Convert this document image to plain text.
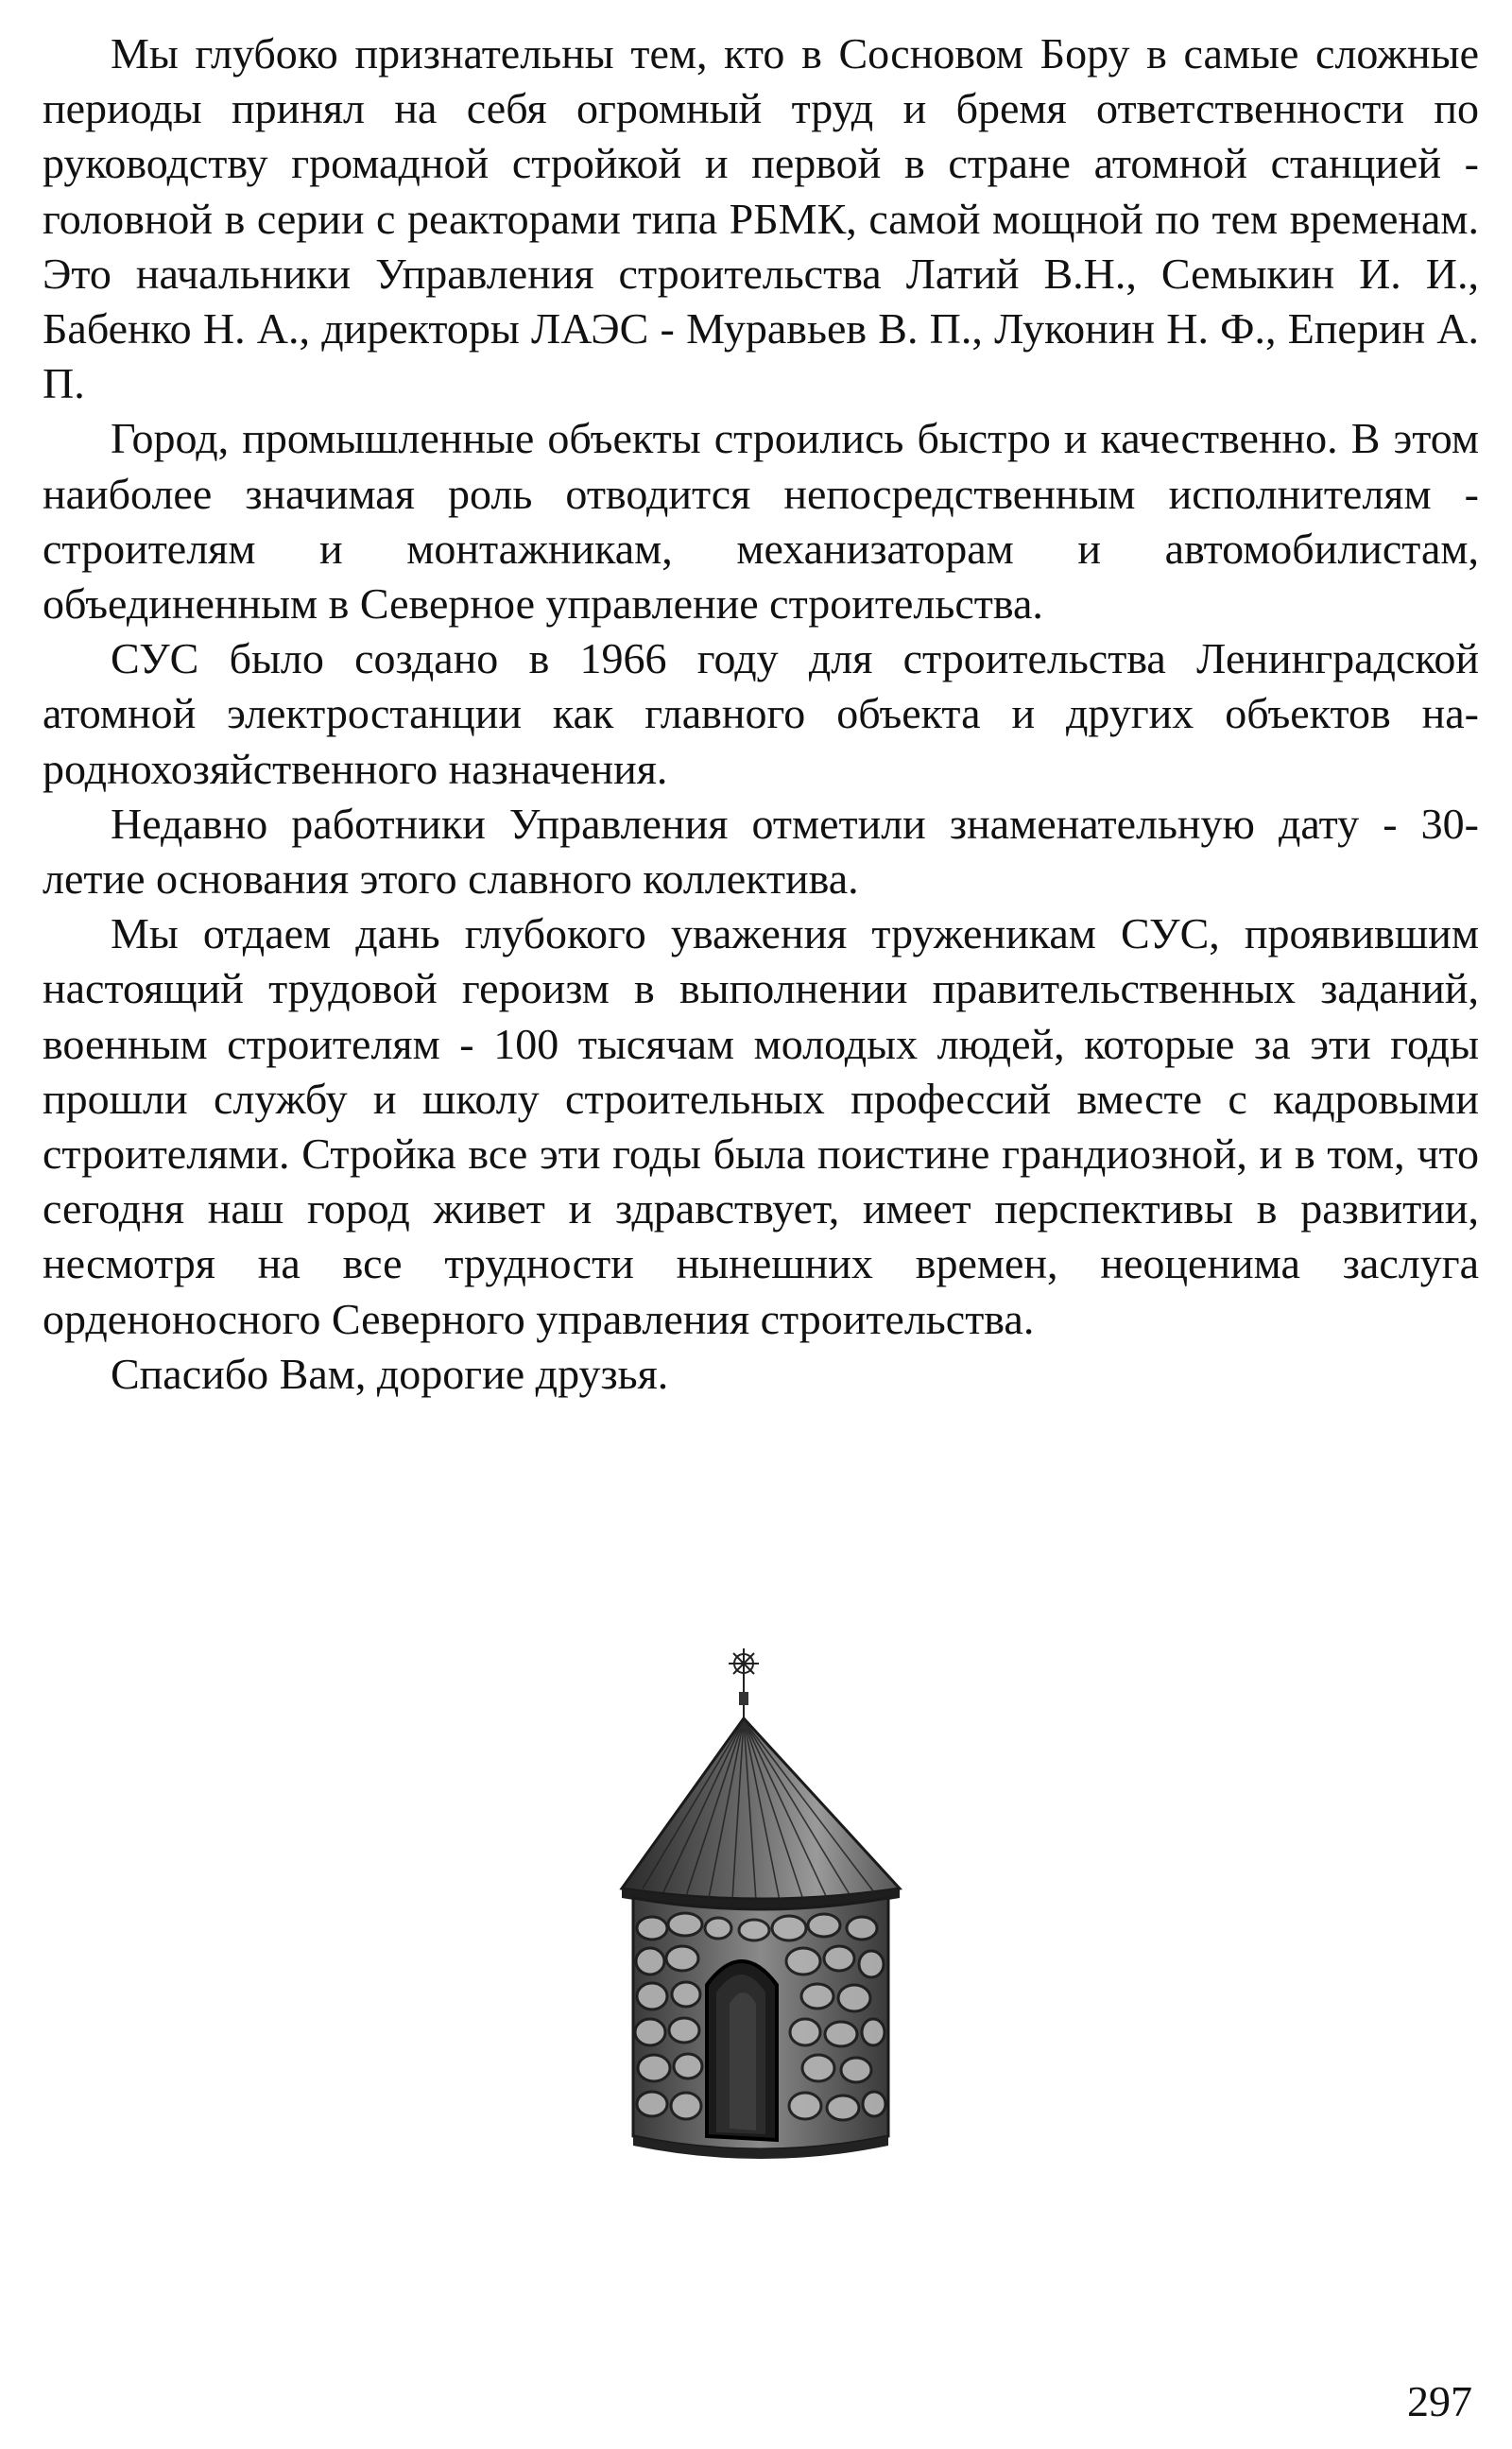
Мы глубоко признательны тем, кто в Сосновом Бору в самые сложные периоды принял на себя огромный труд и бремя ответственности по руководству громадной стройкой и первой в стране атомной станцией - головной в серии с реакторами типа РБМК, самой мощной по тем временам. Это начальники Управления строительства Латий В.Н., Семыкин И. И., Бабенко Н. А., директоры ЛАЭС - Муравьев В. П., Луконин Н. Ф., Еперин А. П.

Город, промышленные объекты строились быстро и качественно. В этом наиболее значимая роль отводится непосредственным исполнителям - строителям и монтажникам, механизаторам и автомобилистам, объединенным в Северное управление строительства.

СУС было создано в 1966 году для строительства Ленинградской атомной электростанции как главного объекта и других объектов народнохозяйственного назначения.

Недавно работники Управления отметили знаменательную дату - 30-летие основания этого славного коллектива.

Мы отдаем дань глубокого уважения труженикам СУС, проявившим настоящий трудовой героизм в выполнении правительственных заданий, военным строителям - 100 тысячам молодых людей, которые за эти годы прошли службу и школу строительных профессий вместе с кадровыми строителями. Стройка все эти годы была поистине грандиозной, и в том, что сегодня наш город живет и здравствует, имеет перспективы в развитии, несмотря на все трудности нынешних времен, неоценима заслуга орденоносного Северного управления строительства.

Спасибо Вам, дорогие друзья.

297
